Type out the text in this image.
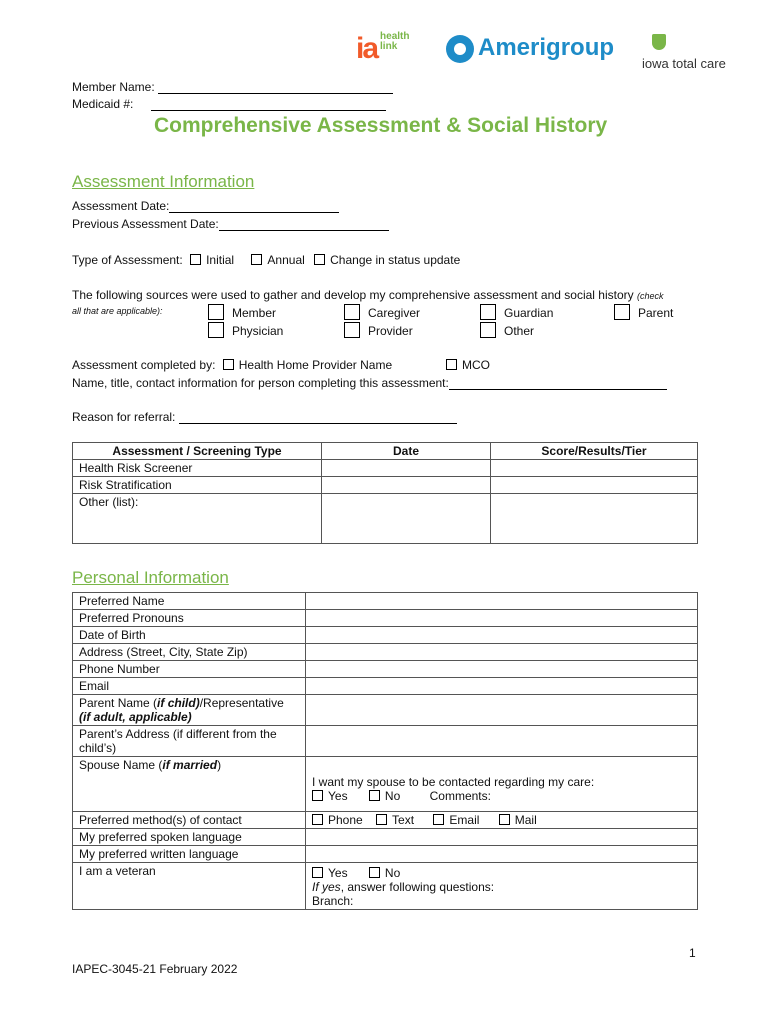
ia health
link	Amerigroup

iowa total care
Member Name:
Medicaid #:
Comprehensive Assessment & Social History
Assessment Information
Assessment Date:
Previous Assessment Date:
Type of Assessment: Initial	Annual Change in status update
The following sources were used to gather and develop my comprehensive assessment and social history (check
all that are applicable):	Member	Caregiver	Guardian	Parent
Physician	Provider	Other
Assessment completed by: Health Home Provider Name	MCO
Name, title, contact information for person completing this assessment:
Reason for referral:
Assessment / Screening Type	Date	Score/Results/Tier
Health Risk Screener		
Risk Stratification		
Other (list):		
Personal Information
Preferred Name	
Preferred Pronouns	
Date of Birth	
Address (Street, City, State Zip)	
Phone Number	
Email	
Parent Name (if child)/Representative
(if adult, applicable)	
Parent’s Address (if different from the child’s)	
Spouse Name (if married)	I want my spouse to be contacted regarding my care:
Yes No Comments:

Preferred method(s) of contact	Phone Text Email Mail
My preferred spoken language	
My preferred written language	
I am a veteran	Yes No
If yes, answer following questions:
Branch:
1
IAPEC-3045-21 February 2022
